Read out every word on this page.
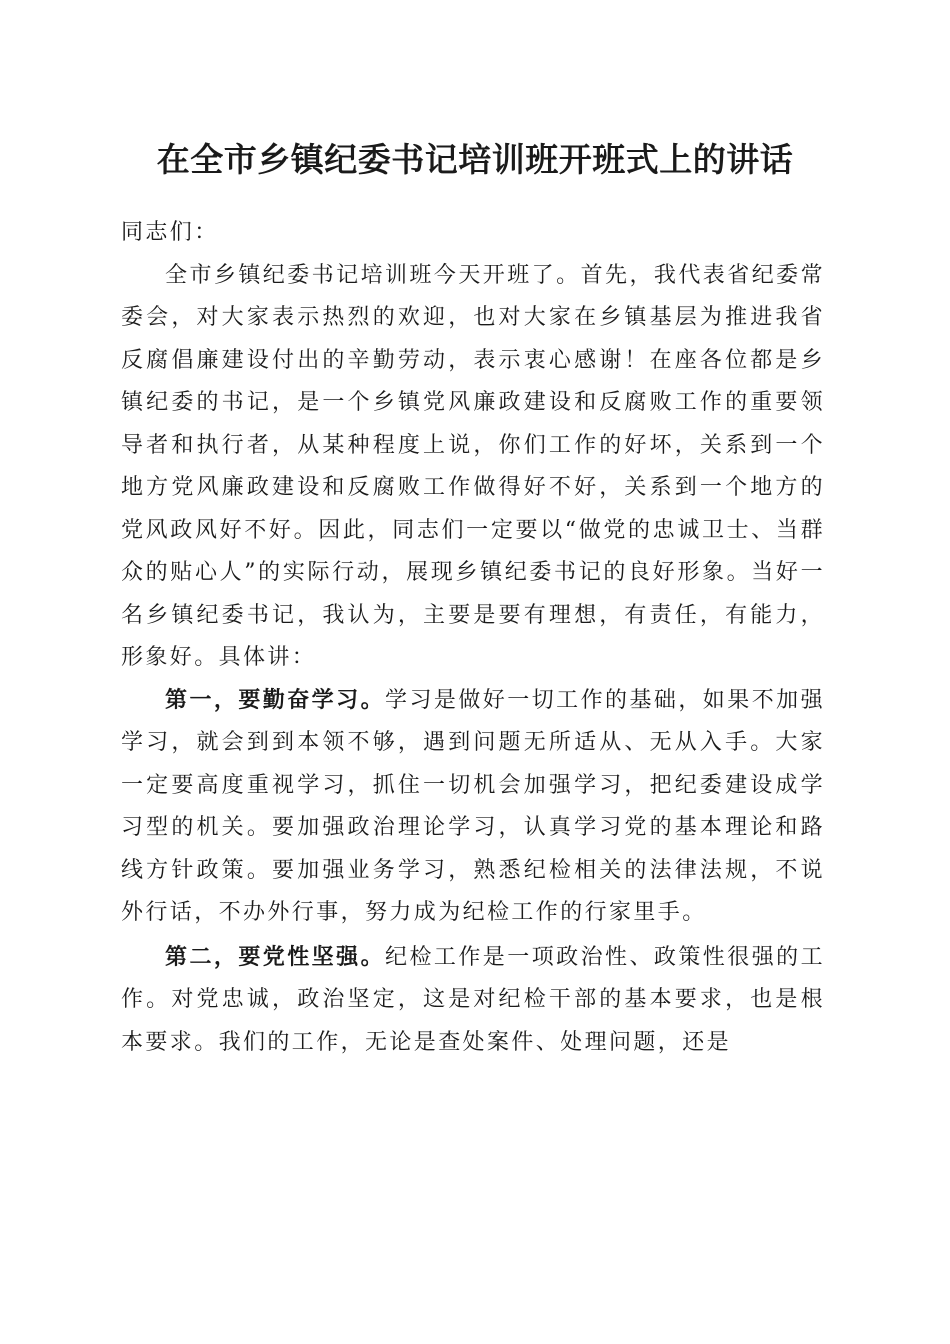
在全市乡镇纪委书记培训班开班式上的讲话

同志们：

全市乡镇纪委书记培训班今天开班了。首先，我代表省纪委常委会，对大家表示热烈的欢迎，也对大家在乡镇基层为推进我省反腐倡廉建设付出的辛勤劳动，表示衷心感谢！在座各位都是乡镇纪委的书记，是一个乡镇党风廉政建设和反腐败工作的重要领导者和执行者，从某种程度上说，你们工作的好坏，关系到一个地方党风廉政建设和反腐败工作做得好不好，关系到一个地方的党风政风好不好。因此，同志们一定要以“做党的忠诚卫士、当群众的贴心人”的实际行动，展现乡镇纪委书记的良好形象。当好一名乡镇纪委书记，我认为，主要是要有理想，有责任，有能力，形象好。具体讲：

第一，要勤奋学习。学习是做好一切工作的基础，如果不加强学习，就会到到本领不够，遇到问题无所适从、无从入手。大家一定要高度重视学习，抓住一切机会加强学习，把纪委建设成学习型的机关。要加强政治理论学习，认真学习党的基本理论和路线方针政策。要加强业务学习，熟悉纪检相关的法律法规，不说外行话，不办外行事，努力成为纪检工作的行家里手。

第二，要党性坚强。纪检工作是一项政治性、政策性很强的工作。对党忠诚，政治坚定，这是对纪检干部的基本要求，也是根本要求。我们的工作，无论是查处案件、处理问题，还是
